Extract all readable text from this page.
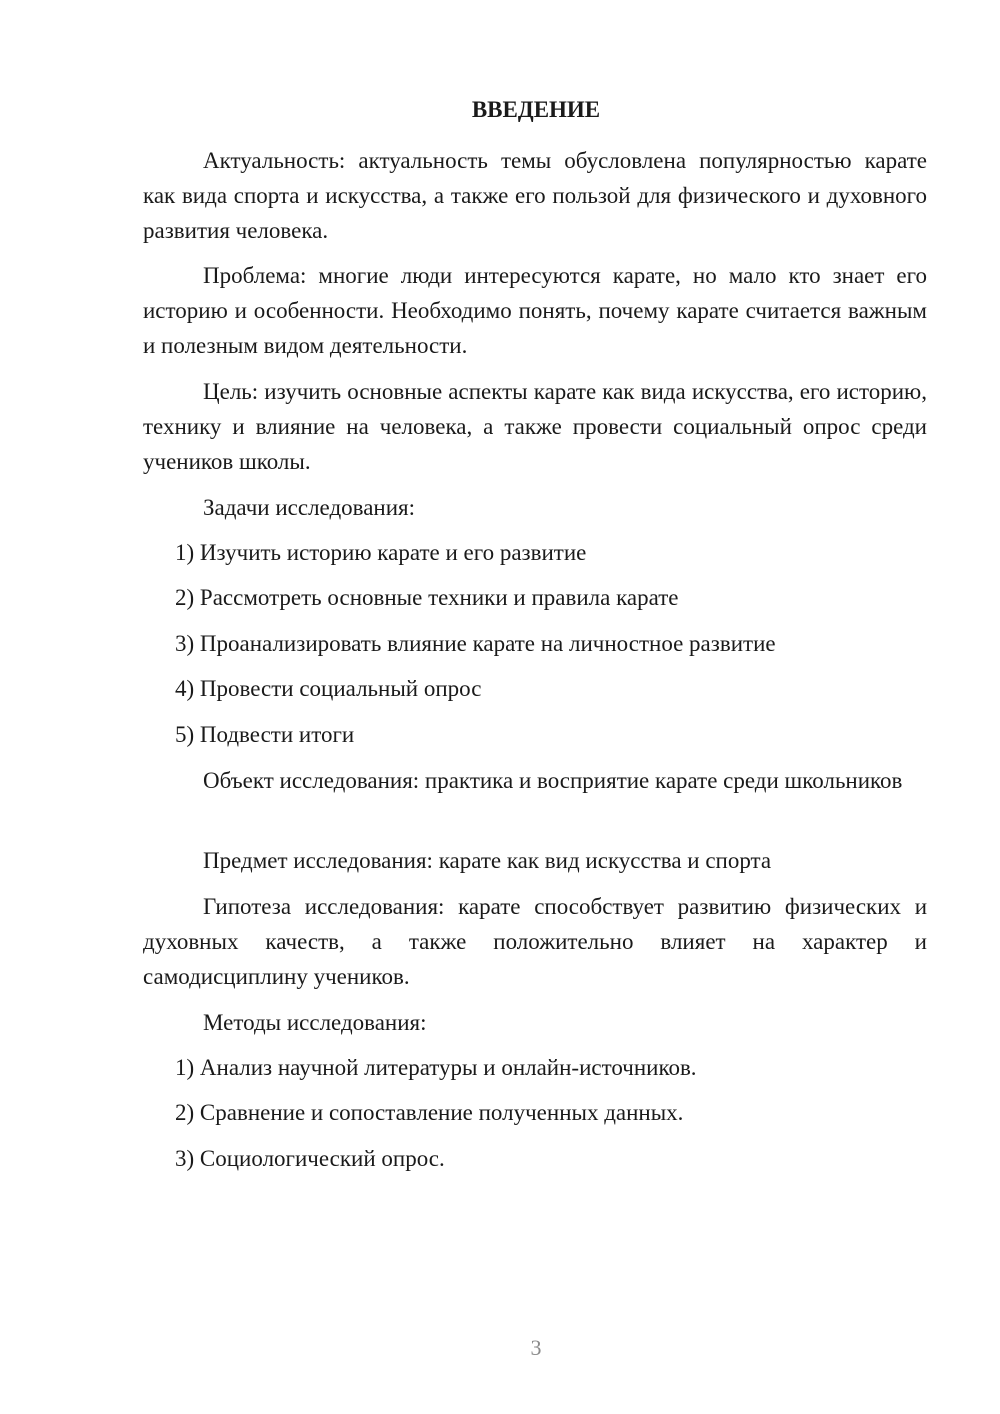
ВВЕДЕНИЕ

Актуальность: актуальность темы обусловлена популярностью карате как вида спорта и искусства, а также его пользой для физического и духовного развития человека.

Проблема: многие люди интересуются карате, но мало кто знает его историю и особенности. Необходимо понять, почему карате считается важным и полезным видом деятельности.

Цель: изучить основные аспекты карате как вида искусства, его историю, технику и влияние на человека, а также провести социальный опрос среди учеников школы.

Задачи исследования:

1) Изучить историю карате и его развитие

2) Рассмотреть основные техники и правила карате

3) Проанализировать влияние карате на личностное развитие

4) Провести социальный опрос

5) Подвести итоги

Объект исследования: практика и восприятие карате среди школьников

Предмет исследования: карате как вид искусства и спорта

Гипотеза исследования: карате способствует развитию физических и духовных качеств, а также положительно влияет на характер и самодисциплину учеников.

Методы исследования:

1) Анализ научной литературы и онлайн-источников.

2) Сравнение и сопоставление полученных данных.

3) Социологический опрос.

3
